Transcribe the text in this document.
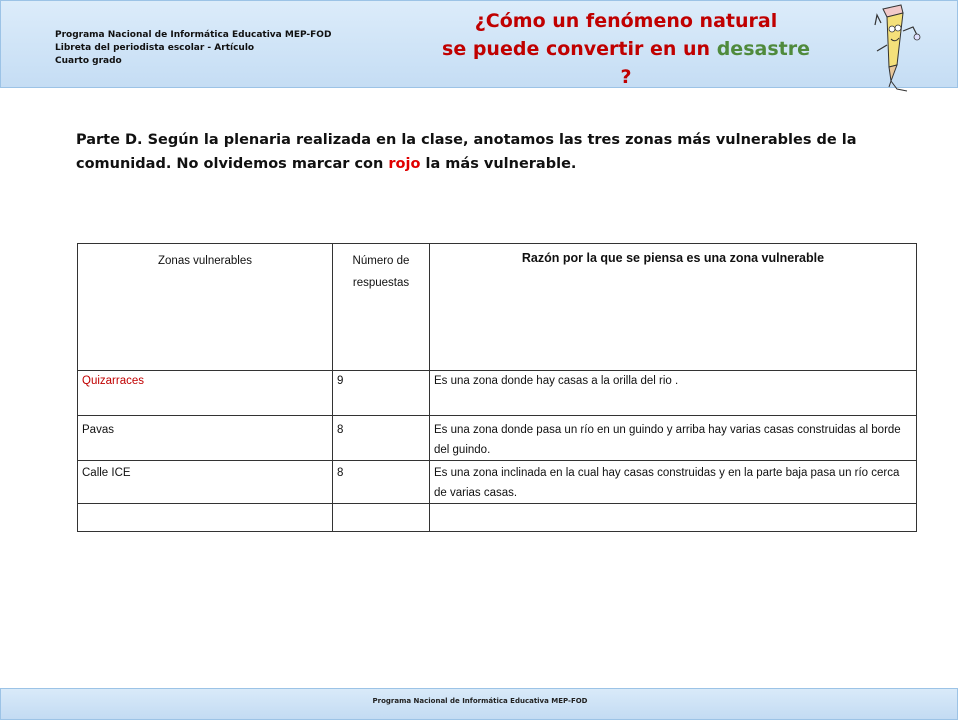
Programa Nacional de Informática Educativa MEP-FOD
Libreta del periodista escolar - Artículo
Cuarto grado
¿Cómo un fenómeno natural
se puede convertir en un desastre ?
Parte D. Según la plenaria realizada en la clase, anotamos las tres zonas más vulnerables de la comunidad. No olvidemos marcar con rojo la más vulnerable.
Zonas vulnerables	Número de respuestas	Razón por la que se piensa es una zona vulnerable
Quizarraces	9	Es una zona donde hay casas a la orilla del rio .
Pavas	8	Es una zona donde pasa un río en un guindo y arriba hay varias casas construidas al borde del guindo.
Calle ICE	8	Es una zona inclinada en la cual hay casas construidas y en la parte baja pasa un río cerca de varias casas.

Programa Nacional de Informática Educativa MEP-FOD
